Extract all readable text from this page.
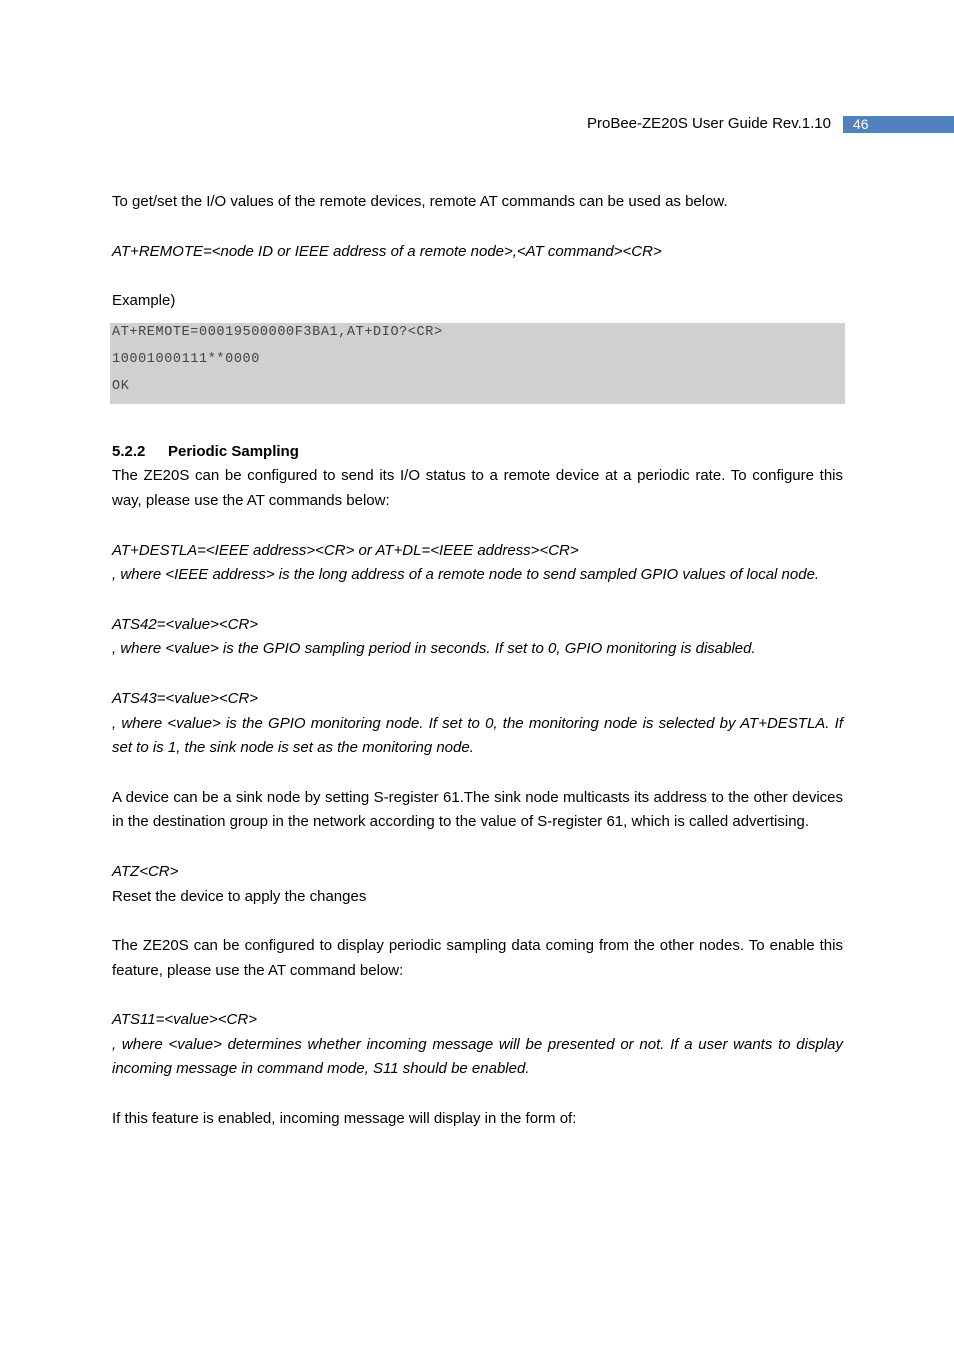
ProBee-ZE20S User Guide Rev.1.10	46

To get/set the I/O values of the remote devices, remote AT commands can be used as below.

AT+REMOTE=<node ID or IEEE address of a remote node>,<AT command><CR>

Example)

AT+REMOTE=00019500000F3BA1,AT+DIO?<CR>
10001000111**0000
OK

5.2.2 Periodic Sampling

The ZE20S can be configured to send its I/O status to a remote device at a periodic rate. To configure this way, please use the AT commands below:

AT+DESTLA=<IEEE address><CR> or AT+DL=<IEEE address><CR>

, where <IEEE address> is the long address of a remote node to send sampled GPIO values of local node.

ATS42=<value><CR>

, where <value> is the GPIO sampling period in seconds. If set to 0, GPIO monitoring is disabled.

ATS43=<value><CR>

, where <value> is the GPIO monitoring node. If set to 0, the monitoring node is selected by AT+DESTLA. If set to is 1, the sink node is set as the monitoring node.

A device can be a sink node by setting S-register 61.The sink node multicasts its address to the other devices in the destination group in the network according to the value of S-register 61, which is called advertising.

ATZ<CR>

Reset the device to apply the changes

The ZE20S can be configured to display periodic sampling data coming from the other nodes. To enable this feature, please use the AT command below:

ATS11=<value><CR>

, where <value> determines whether incoming message will be presented or not. If a user wants to display incoming message in command mode, S11 should be enabled.

If this feature is enabled, incoming message will display in the form of:
